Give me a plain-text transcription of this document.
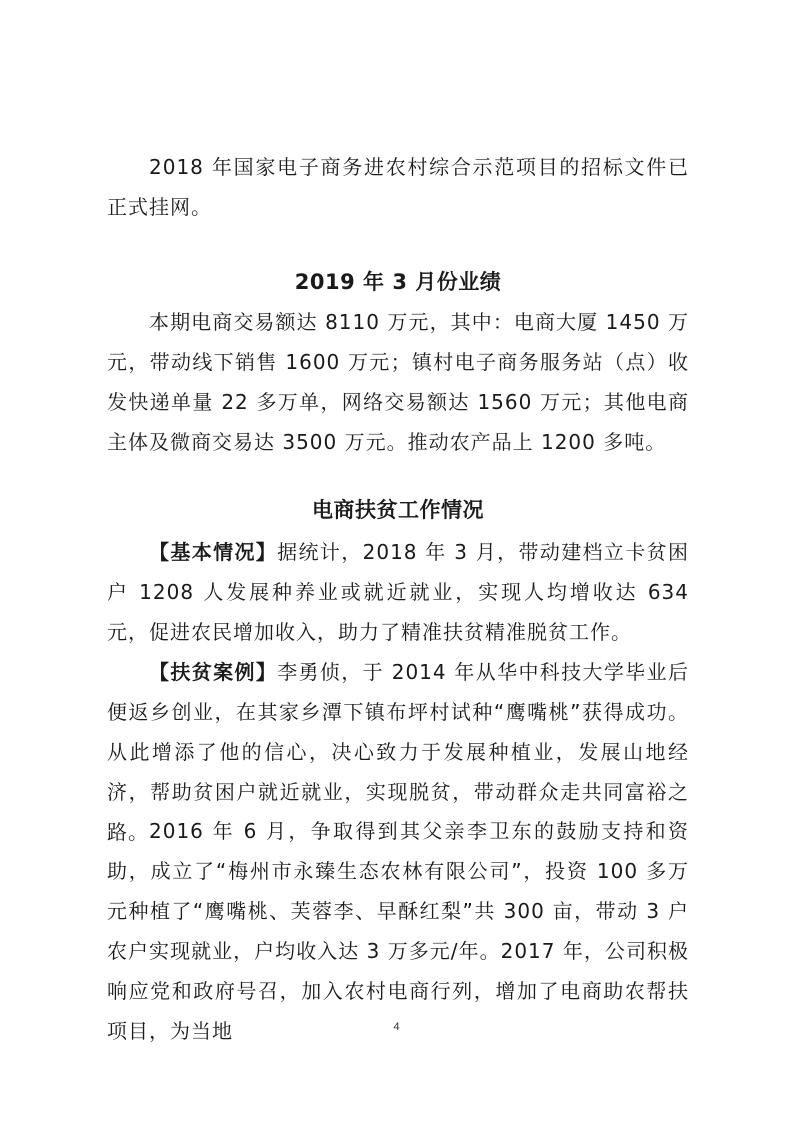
2018 年国家电子商务进农村综合示范项目的招标文件已正式挂网。

2019 年 3 月份业绩

本期电商交易额达 8110 万元，其中：电商大厦 1450 万元，带动线下销售 1600 万元；镇村电子商务服务站（点）收发快递单量 22 多万单，网络交易额达 1560 万元；其他电商主体及微商交易达 3500 万元。推动农产品上 1200 多吨。

电商扶贫工作情况

【基本情况】据统计，2018 年 3 月，带动建档立卡贫困户 1208 人发展种养业或就近就业，实现人均增收达 634 元，促进农民增加收入，助力了精准扶贫精准脱贫工作。

【扶贫案例】李勇侦，于 2014 年从华中科技大学毕业后便返乡创业，在其家乡潭下镇布坪村试种“鹰嘴桃”获得成功。从此增添了他的信心，决心致力于发展种植业，发展山地经济，帮助贫困户就近就业，实现脱贫，带动群众走共同富裕之路。 2016 年 6 月，争取得到其父亲李卫东的鼓励支持和资助，成立了“梅州市永臻生态农林有限公司”，投资 100 多万元种植了“鹰嘴桃、芙蓉李、早酥红梨”共 300 亩，带动 3 户农户实现就业，户均收入达 3 万多元/年。2017 年，公司积极响应党和政府号召，加入农村电商行列，增加了电商助农帮扶项目，为当地	4
